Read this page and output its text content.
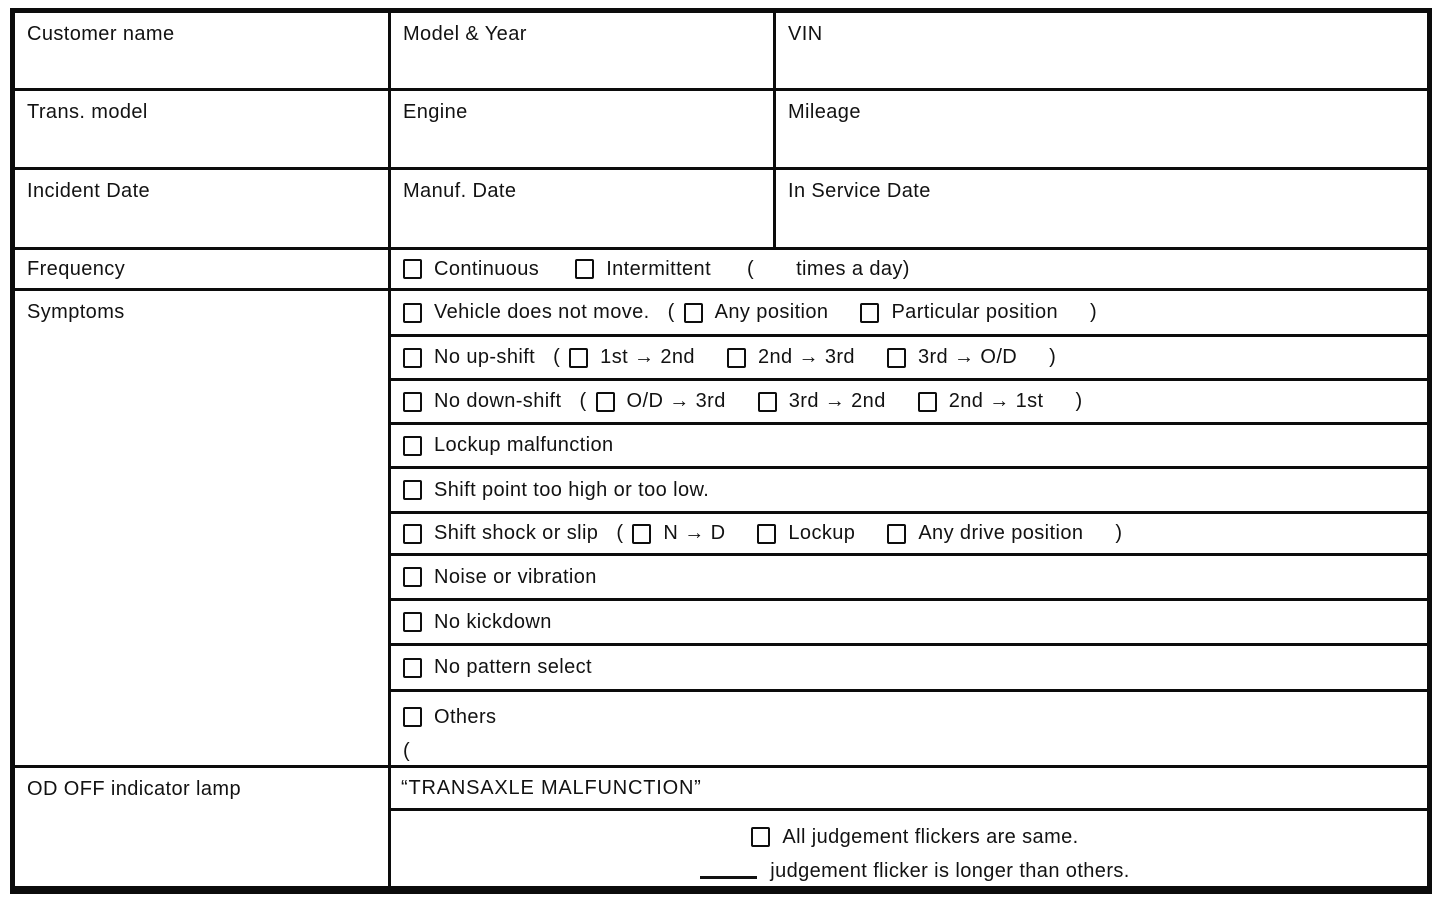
Customer name	Model & Year	VIN
Trans. model	Engine	Mileage
Incident Date	Manuf. Date	In Service Date
Frequency	Continuous	Intermittent ( times a day)
Symptoms	Vehicle does not move. ( Any position	Particular position )
No up-shift ( 1st → 2nd	2nd → 3rd	3rd → O/D )
No down-shift ( O/D → 3rd	3rd → 2nd	2nd → 1st )
Lockup malfunction
Shift point too high or too low.
Shift shock or slip ( N → D	Lockup	Any drive position )
Noise or vibration
No kickdown
No pattern select
Others
(
OD OFF indicator lamp	“TRANSAXLE MALFUNCTION”
All judgement flickers are same.
judgement flicker is longer than others.
